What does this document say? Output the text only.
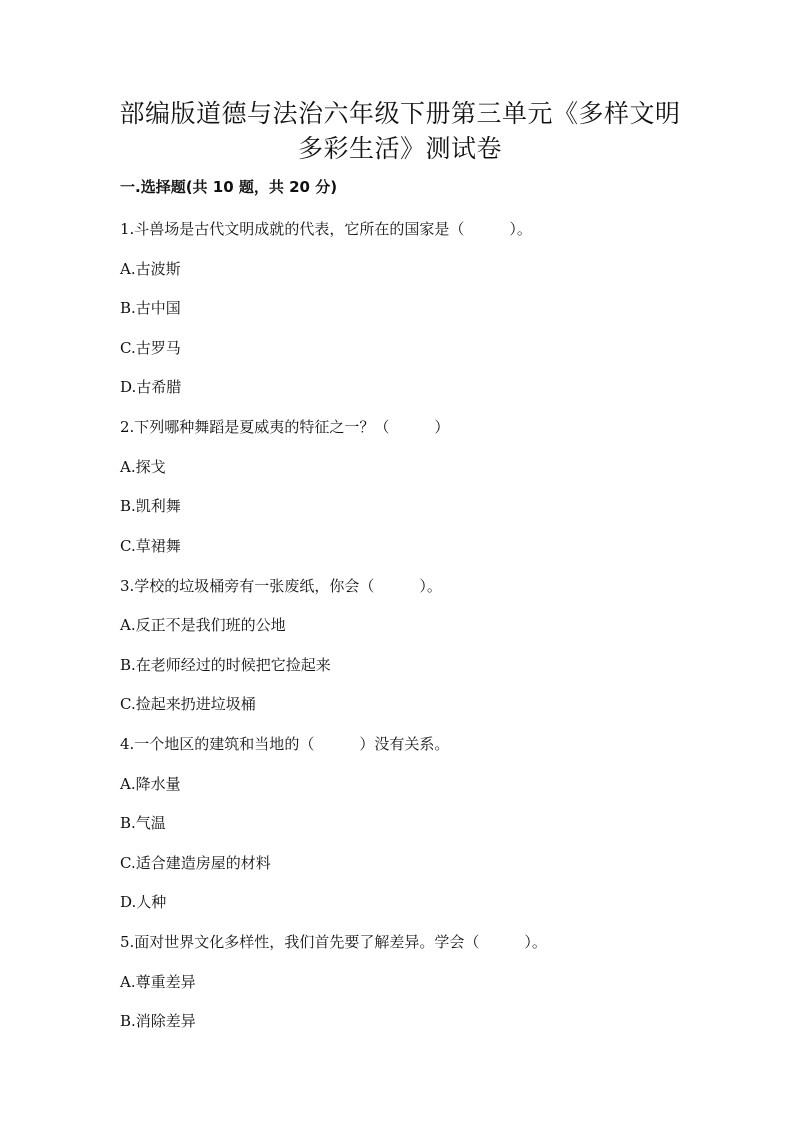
部编版道德与法治六年级下册第三单元《多样文明
多彩生活》测试卷
一.选择题(共 10 题，共 20 分)
1.斗兽场是古代文明成就的代表，它所在的国家是（　　　）。
A.古波斯
B.古中国
C.古罗马
D.古希腊
2.下列哪种舞蹈是夏威夷的特征之一？（　　　）
A.探戈
B.凯利舞
C.草裙舞
3.学校的垃圾桶旁有一张废纸，你会（　　　）。
A.反正不是我们班的公地
B.在老师经过的时候把它捡起来
C.捡起来扔进垃圾桶
4.一个地区的建筑和当地的（　　　）没有关系。
A.降水量
B.气温
C.适合建造房屋的材料
D.人种
5.面对世界文化多样性，我们首先要了解差异。学会（　　　）。
A.尊重差异
B.消除差异
